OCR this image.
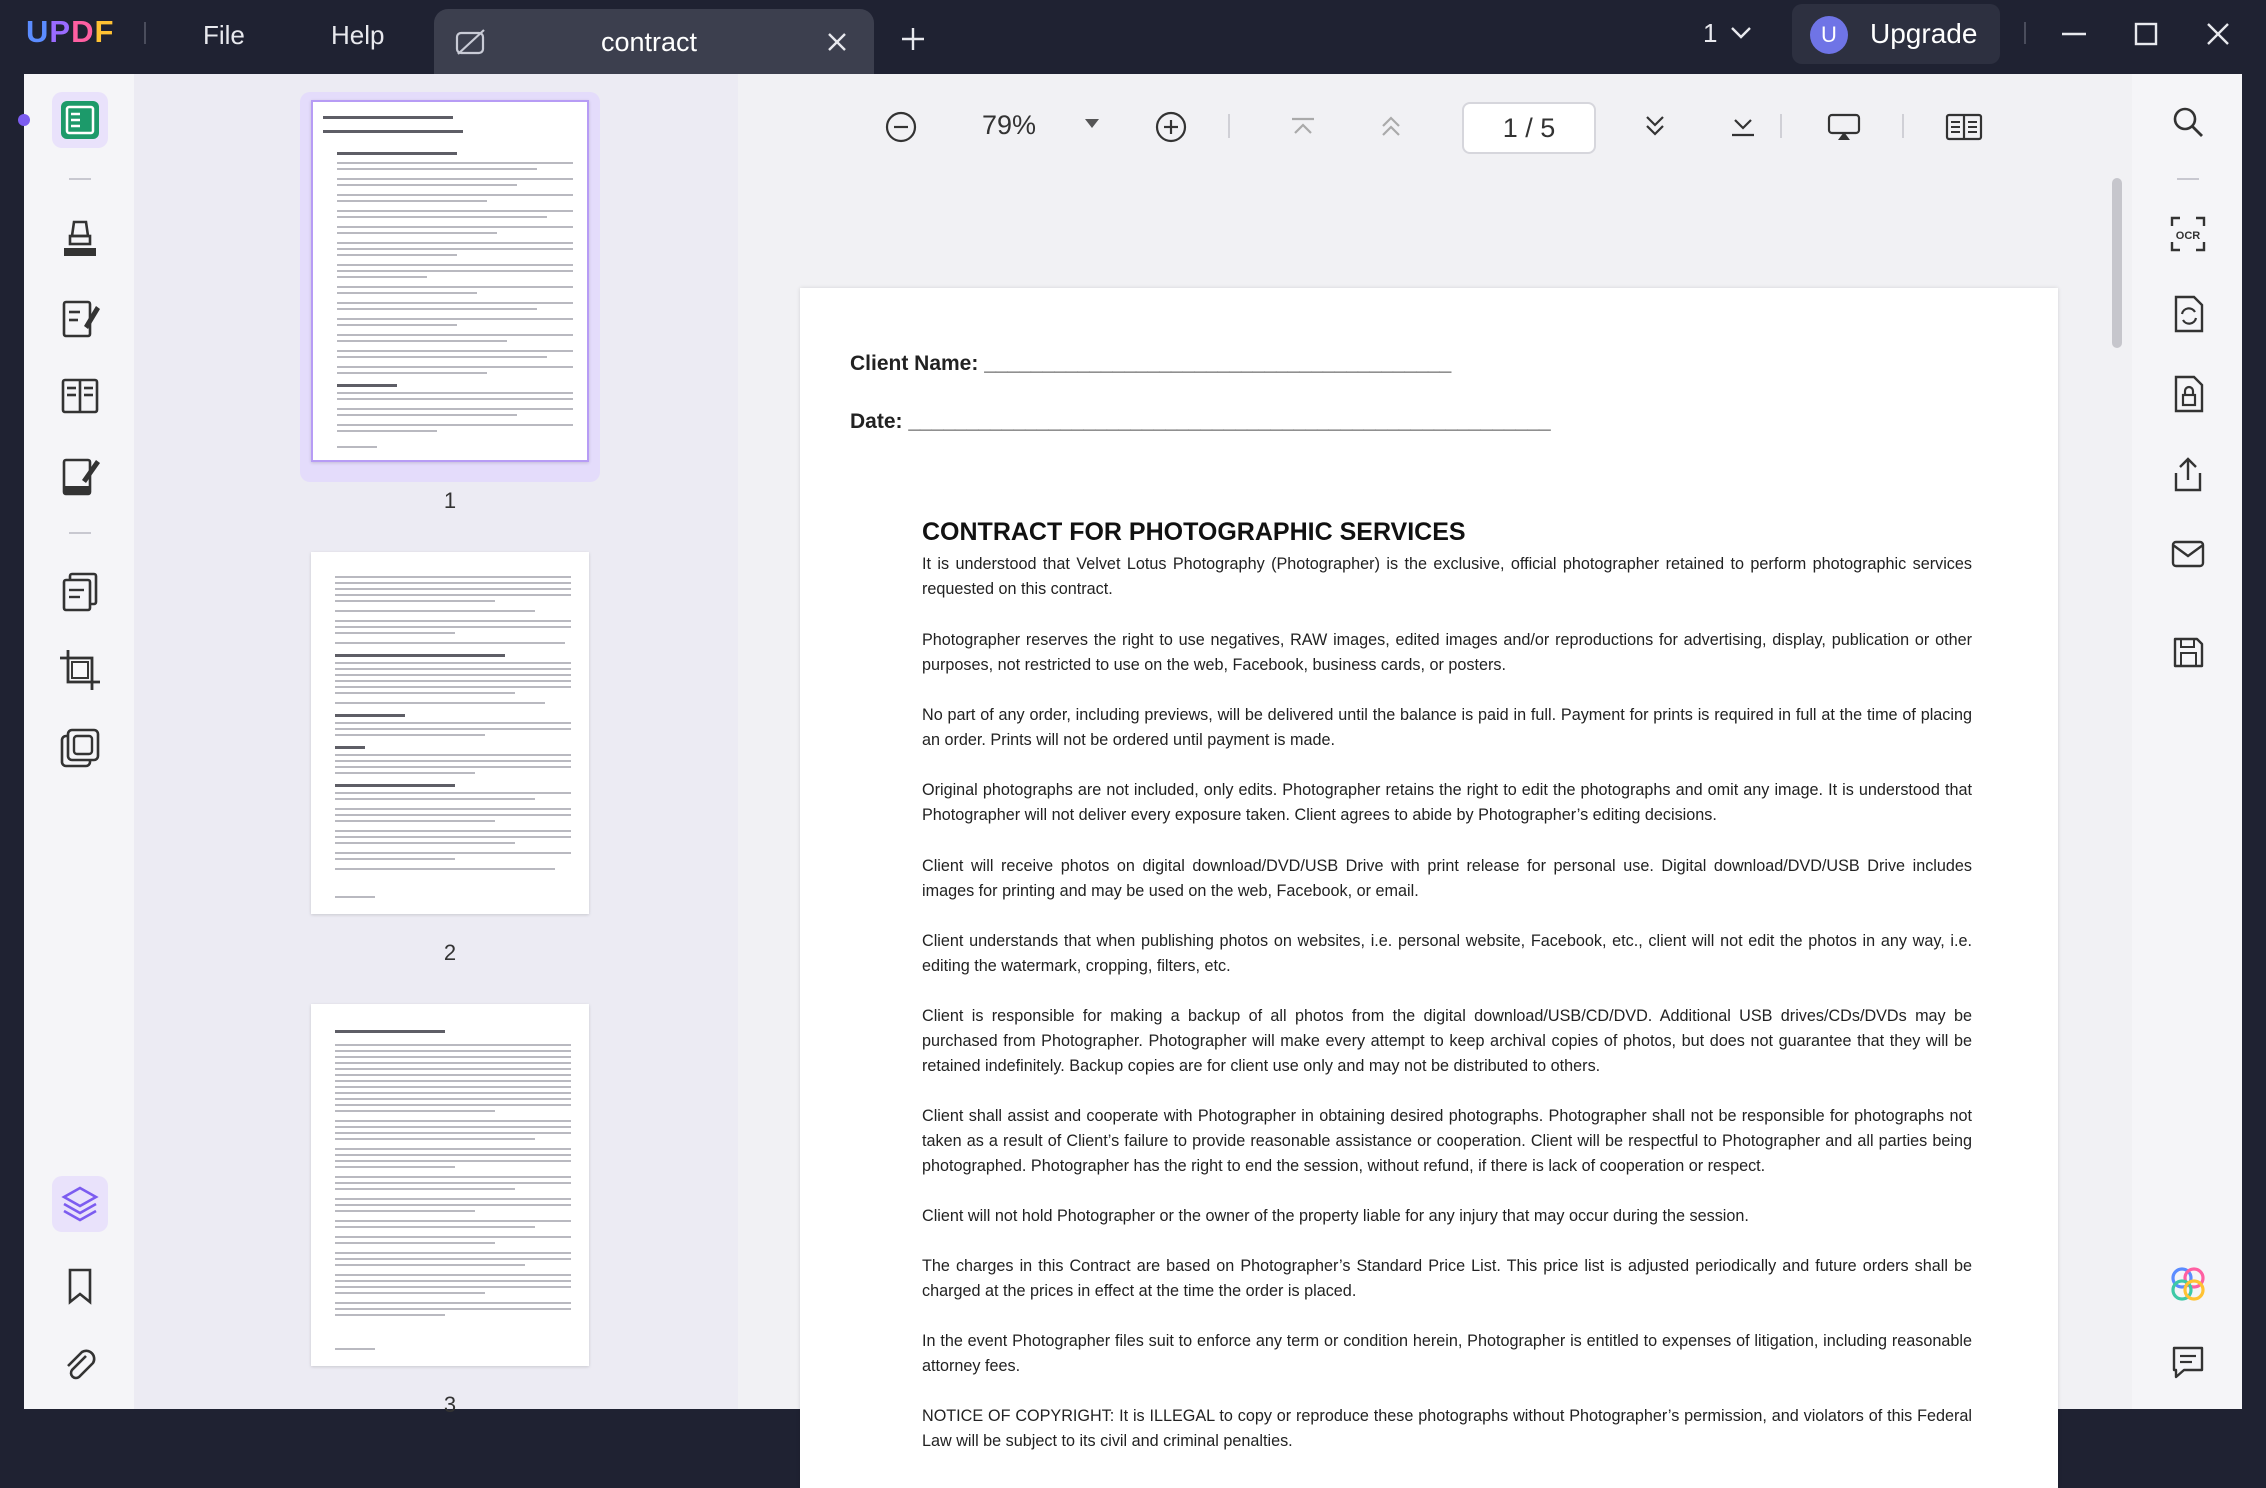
UPDF	File	Help	contract	1	U	Upgrade
1
2
3
79%	1 / 5
Client Name: ________________________________________
Date: _______________________________________________________
CONTRACT FOR PHOTOGRAPHIC SERVICES
It is understood that Velvet Lotus Photography (Photographer) is the exclusive, official photographer retained to perform photographic services requested on this contract.
Photographer reserves the right to use negatives, RAW images, edited images and/or reproductions for advertising, display, publication or other purposes, not restricted to use on the web, Facebook, business cards, or posters.
No part of any order, including previews, will be delivered until the balance is paid in full. Payment for prints is required in full at the time of placing an order. Prints will not be ordered until payment is made.
Original photographs are not included, only edits. Photographer retains the right to edit the photographs and omit any image. It is understood that Photographer will not deliver every exposure taken. Client agrees to abide by Photographer’s editing decisions.
Client will receive photos on digital download/DVD/USB Drive with print release for personal use. Digital download/DVD/USB Drive includes images for printing and may be used on the web, Facebook, or email.
Client understands that when publishing photos on websites, i.e. personal website, Facebook, etc., client will not edit the photos in any way, i.e. editing the watermark, cropping, filters, etc.
Client is responsible for making a backup of all photos from the digital download/USB/CD/DVD. Additional USB drives/CDs/DVDs may be purchased from Photographer. Photographer will make every attempt to keep archival copies of photos, but does not guarantee that they will be retained indefinitely. Backup copies are for client use only and may not be distributed to others.
Client shall assist and cooperate with Photographer in obtaining desired photographs. Photographer shall not be responsible for photographs not taken as a result of Client’s failure to provide reasonable assistance or cooperation. Client will be respectful to Photographer and all parties being photographed. Photographer has the right to end the session, without refund, if there is lack of cooperation or respect.
Client will not hold Photographer or the owner of the property liable for any injury that may occur during the session.
The charges in this Contract are based on Photographer’s Standard Price List. This price list is adjusted periodically and future orders shall be charged at the prices in effect at the time the order is placed.
In the event Photographer files suit to enforce any term or condition herein, Photographer is entitled to expenses of litigation, including reasonable attorney fees.
NOTICE OF COPYRIGHT: It is ILLEGAL to copy or reproduce these photographs without Photographer’s permission, and violators of this Federal Law will be subject to its civil and criminal penalties.
OCR
